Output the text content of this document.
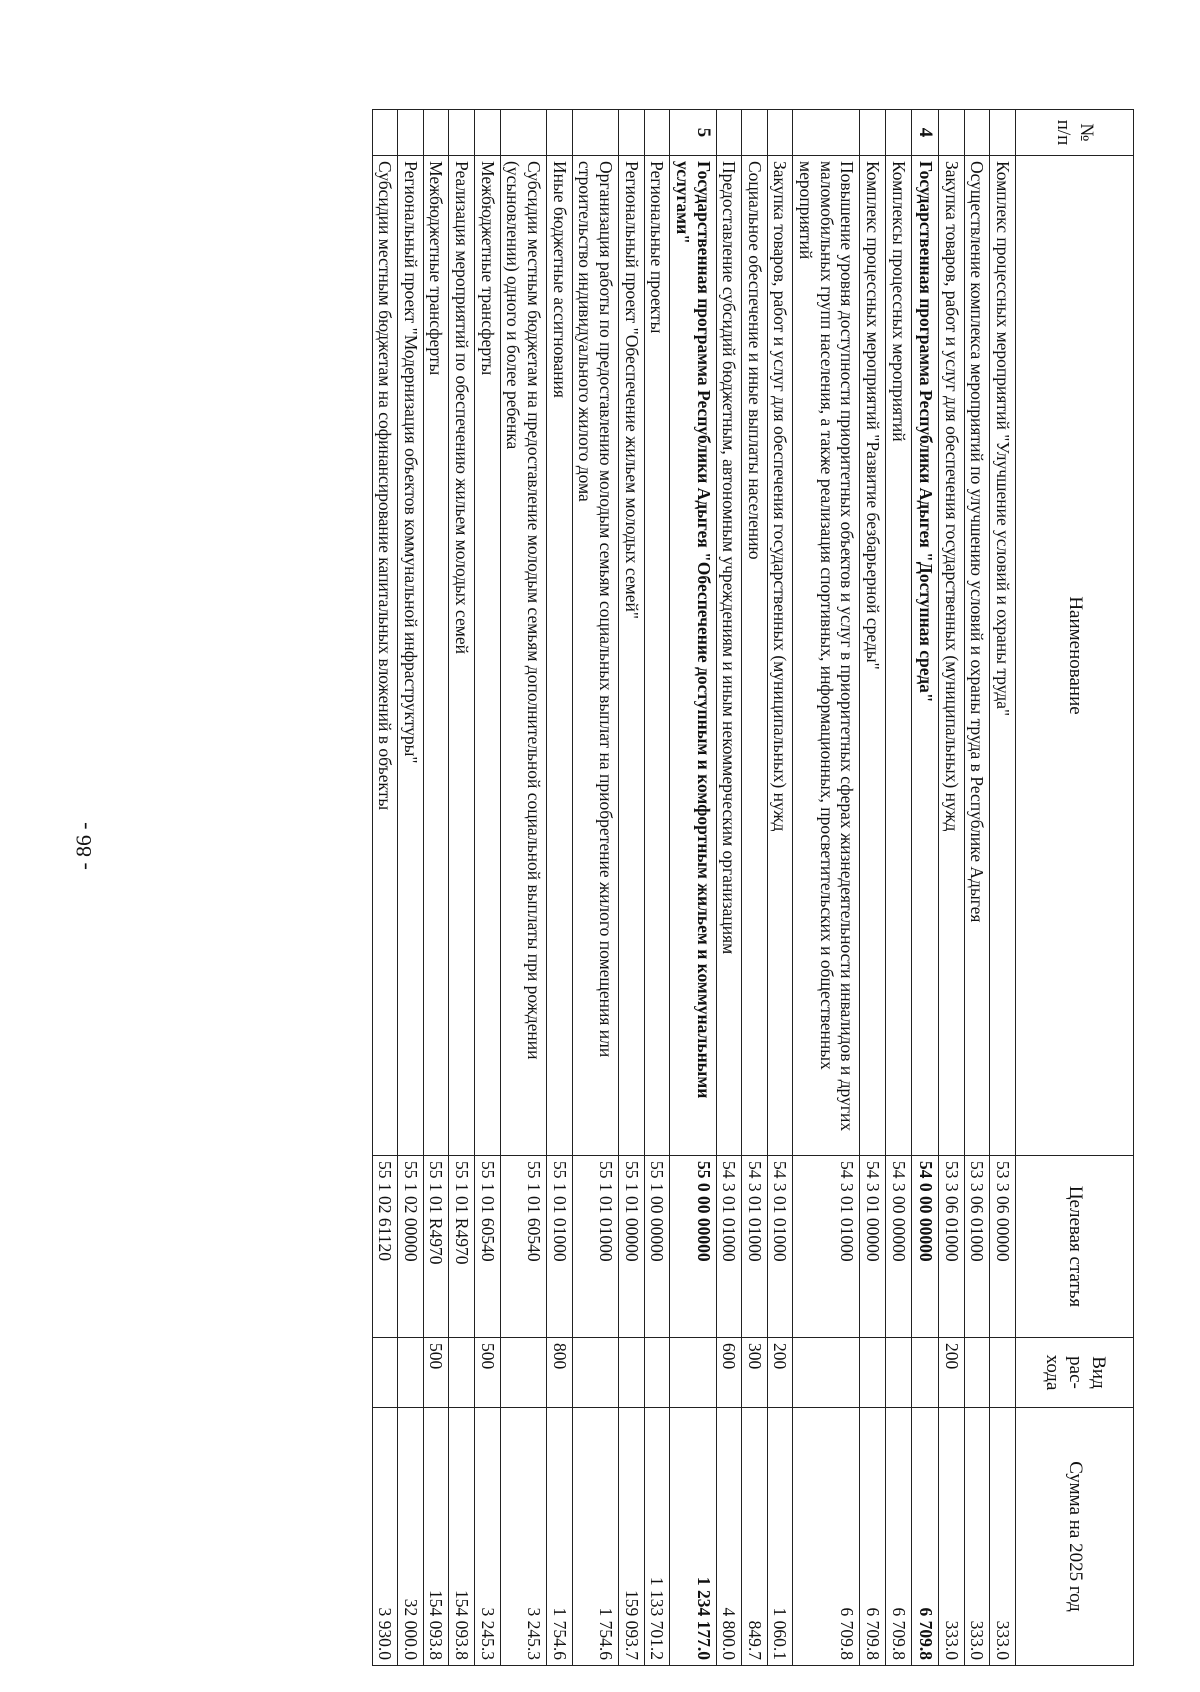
- 86 -
№ п/п	Наименование	Целевая статья	Вид рас- хода	Сумма на 2025 год
	Комплекс процессных мероприятий "Улучшение условий и охраны труда"	53 3 06 00000		333.0
	Осуществление комплекса мероприятий по улучшению условий и охраны труда в Республике Адыгея	53 3 06 01000		333.0
	Закупка товаров, работ и услуг для обеспечения государственных (муниципальных) нужд	53 3 06 01000	200	333.0
4	Государственная программа Республики Адыгея "Доступная среда"	54 0 00 00000		6 709.8
	Комплексы процессных мероприятий	54 3 00 00000		6 709.8
	Комплекс процессных мероприятий "Развитие безбарьерной среды"	54 3 01 00000		6 709.8
	Повышение уровня доступности приоритетных объектов и услуг в приоритетных сферах жизнедеятельности инвалидов и других маломобильных групп населения, а также реализация спортивных, информационных, просветительских и общественных мероприятий	54 3 01 01000		6 709.8
	Закупка товаров, работ и услуг для обеспечения государственных (муниципальных) нужд	54 3 01 01000	200	1 060.1
	Социальное обеспечение и иные выплаты населению	54 3 01 01000	300	849.7
	Предоставление субсидий бюджетным, автономным учреждениям и иным некоммерческим организациям	54 3 01 01000	600	4 800.0
5	Государственная программа Республики Адыгея "Обеспечение доступным и комфортным жильем и коммунальными услугами"	55 0 00 00000		1 234 177.0
	Региональные проекты	55 1 00 00000		1 133 701.2
	Региональный проект "Обеспечение жильем молодых семей"	55 1 01 00000		159 093.7
	Организация работы по предоставлению молодым семьям социальных выплат на приобретение жилого помещения или строительство индивидуального жилого дома	55 1 01 01000		1 754.6
	Иные бюджетные ассигнования	55 1 01 01000	800	1 754.6
	Субсидии местным бюджетам на предоставление молодым семьям дополнительной социальной выплаты при рождении (усыновлении) одного и более ребенка	55 1 01 60540		3 245.3
	Межбюджетные трансферты	55 1 01 60540	500	3 245.3
	Реализация мероприятий по обеспечению жильем молодых семей	55 1 01 R4970		154 093.8
	Межбюджетные трансферты	55 1 01 R4970	500	154 093.8
	Региональный проект "Модернизация объектов коммунальной инфраструктуры"	55 1 02 00000		32 000.0
	Субсидии местным бюджетам на софинансирование капитальных вложений в объекты	55 1 02 61120		3 930.0
